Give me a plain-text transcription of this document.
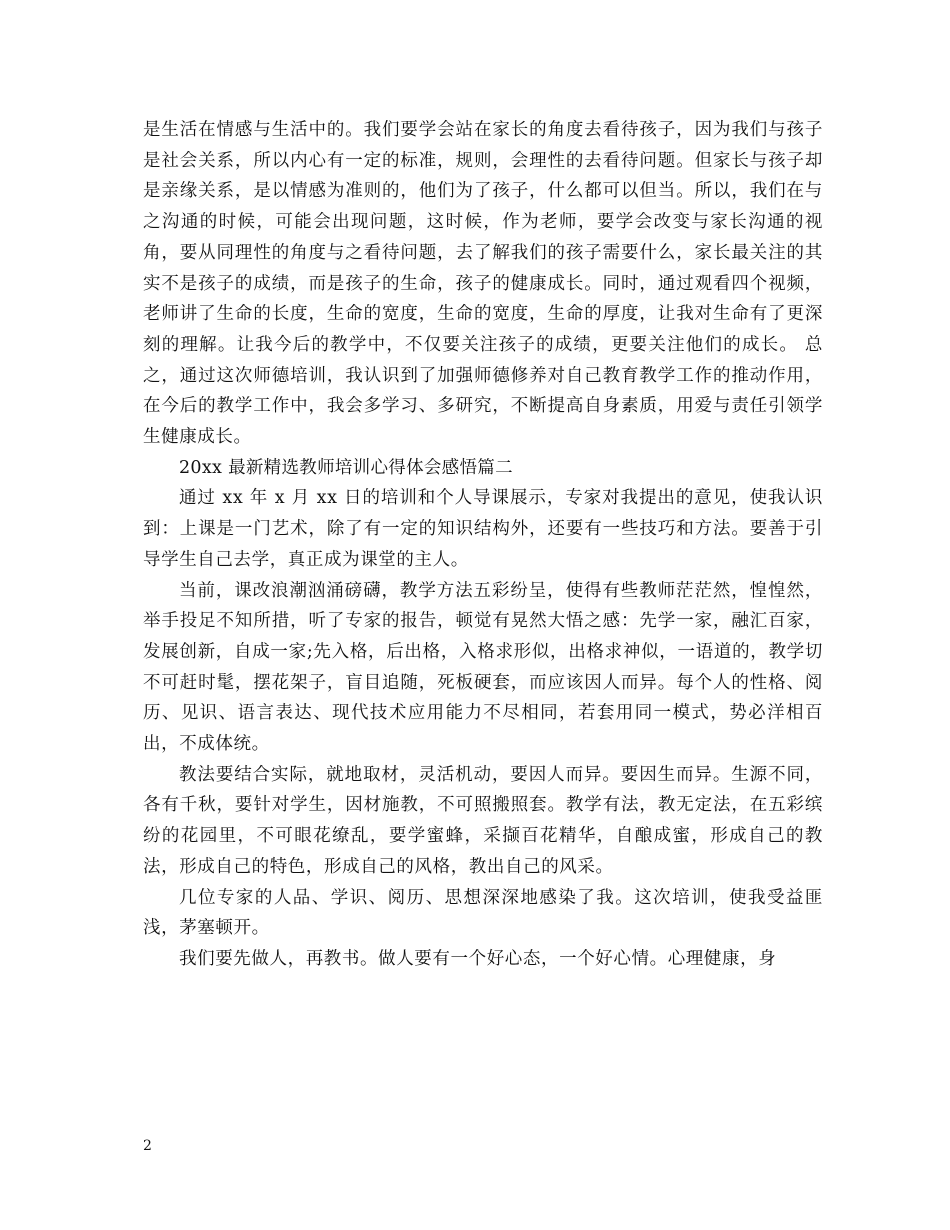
是生活在情感与生活中的。我们要学会站在家长的角度去看待孩子，因为我们与孩子是社会关系，所以内心有一定的标准，规则，会理性的去看待问题。但家长与孩子却是亲缘关系，是以情感为准则的，他们为了孩子，什么都可以但当。所以，我们在与之沟通的时候，可能会出现问题，这时候，作为老师，要学会改变与家长沟通的视角，要从同理性的角度与之看待问题，去了解我们的孩子需要什么，家长最关注的其实不是孩子的成绩，而是孩子的生命，孩子的健康成长。同时，通过观看四个视频，老师讲了生命的长度，生命的宽度，生命的宽度，生命的厚度，让我对生命有了更深刻的理解。让我今后的教学中，不仅要关注孩子的成绩，更要关注他们的成长。 总之，通过这次师德培训，我认识到了加强师德修养对自己教育教学工作的推动作用，在今后的教学工作中，我会多学习、多研究，不断提高自身素质，用爱与责任引领学生健康成长。

20xx 最新精选教师培训心得体会感悟篇二

通过 xx 年 x 月 xx 日的培训和个人导课展示，专家对我提出的意见，使我认识到：上课是一门艺术，除了有一定的知识结构外，还要有一些技巧和方法。要善于引导学生自己去学，真正成为课堂的主人。

当前，课改浪潮汹涌磅礴，教学方法五彩纷呈，使得有些教师茫茫然，惶惶然，举手投足不知所措，听了专家的报告，顿觉有晃然大悟之感：先学一家，融汇百家，发展创新，自成一家;先入格，后出格，入格求形似，出格求神似，一语道的，教学切不可赶时髦，摆花架子，盲目追随，死板硬套，而应该因人而异。每个人的性格、阅历、见识、语言表达、现代技术应用能力不尽相同，若套用同一模式，势必洋相百出，不成体统。

教法要结合实际，就地取材，灵活机动，要因人而异。要因生而异。生源不同，各有千秋，要针对学生，因材施教，不可照搬照套。教学有法，教无定法，在五彩缤纷的花园里，不可眼花缭乱，要学蜜蜂，采撷百花精华，自酿成蜜，形成自己的教法，形成自己的特色，形成自己的风格，教出自己的风采。

几位专家的人品、学识、阅历、思想深深地感染了我。这次培训，使我受益匪浅，茅塞顿开。

我们要先做人，再教书。做人要有一个好心态，一个好心情。心理健康，身

2
